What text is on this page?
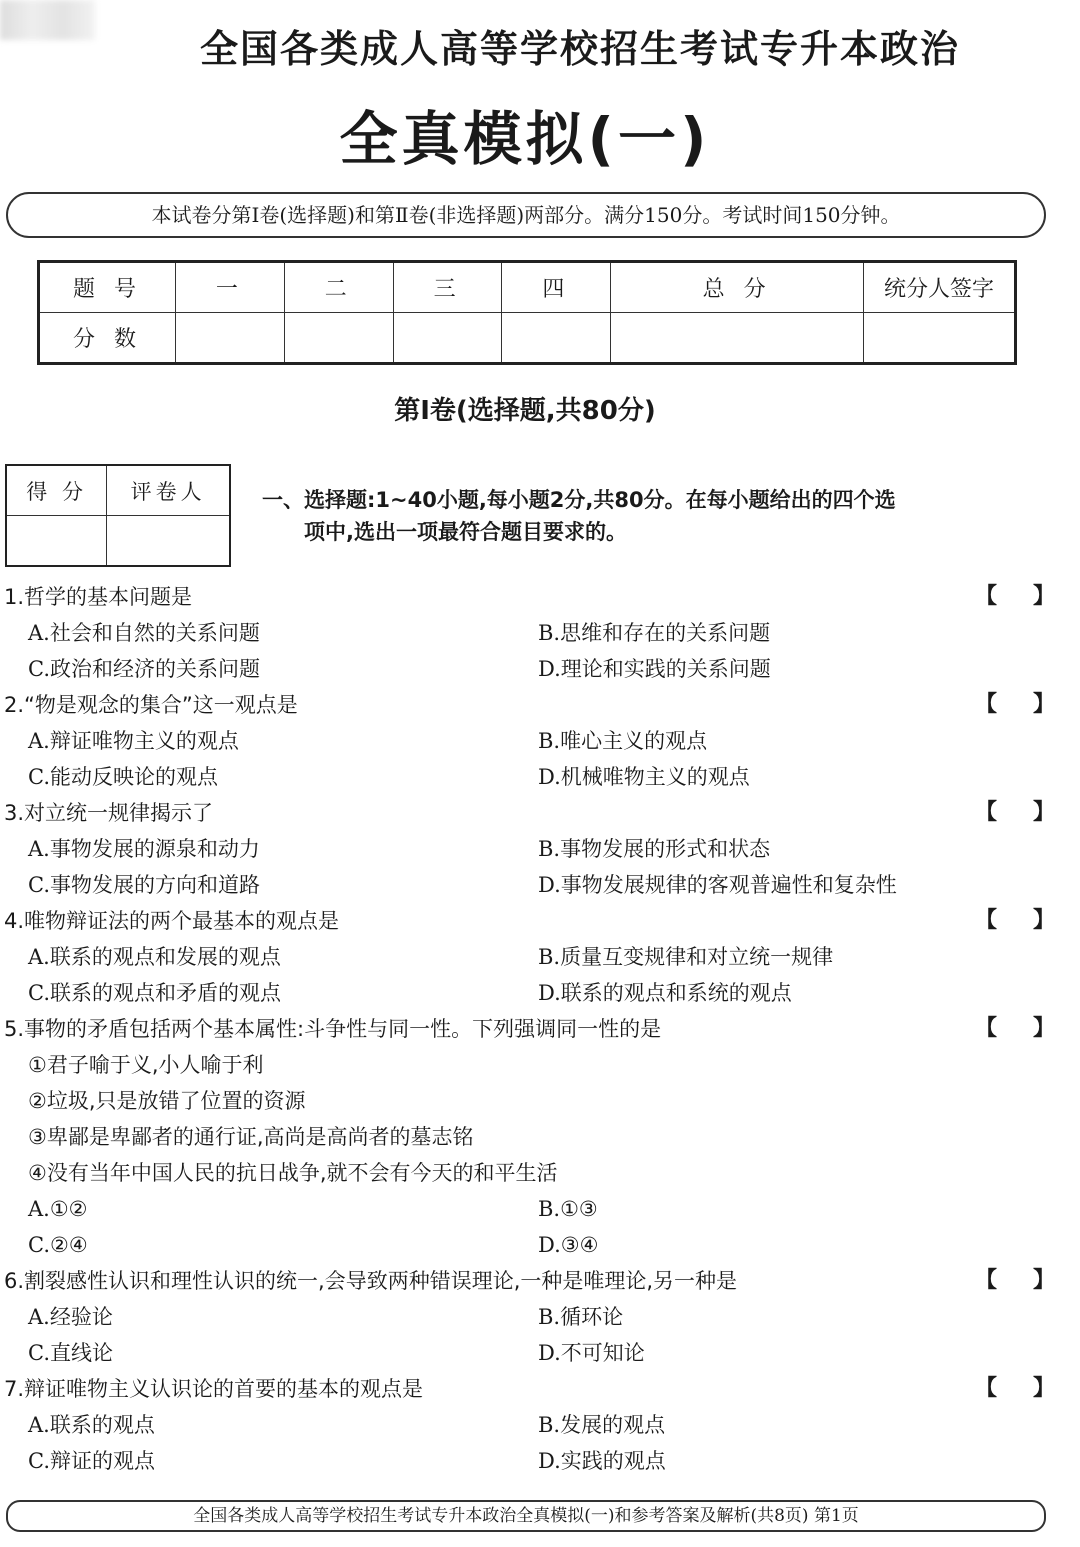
全国各类成人高等学校招生考试专升本政治
全真模拟(一)
本试卷分第Ⅰ卷(选择题)和第Ⅱ卷(非选择题)两部分。满分150分。考试时间150分钟。
题 号	一	二	三	四	总 分	统分人签字
分 数						
第Ⅰ卷(选择题,共80分)
得 分	评卷人
		一、选择题:1~40小题,每小题2分,共80分。在每小题给出的四个选
项中,选出一项最符合题目要求的。
1.哲学的基本问题是	【 】
A.社会和自然的关系问题	B.思维和存在的关系问题
C.政治和经济的关系问题	D.理论和实践的关系问题
2.“物是观念的集合”这一观点是	【 】
A.辩证唯物主义的观点	B.唯心主义的观点
C.能动反映论的观点	D.机械唯物主义的观点
3.对立统一规律揭示了	【 】
A.事物发展的源泉和动力	B.事物发展的形式和状态
C.事物发展的方向和道路	D.事物发展规律的客观普遍性和复杂性
4.唯物辩证法的两个最基本的观点是	【 】
A.联系的观点和发展的观点	B.质量互变规律和对立统一规律
C.联系的观点和矛盾的观点	D.联系的观点和系统的观点
5.事物的矛盾包括两个基本属性:斗争性与同一性。下列强调同一性的是	【 】
①君子喻于义,小人喻于利
②垃圾,只是放错了位置的资源
③卑鄙是卑鄙者的通行证,高尚是高尚者的墓志铭
④没有当年中国人民的抗日战争,就不会有今天的和平生活
A.①②	B.①③
C.②④	D.③④
6.割裂感性认识和理性认识的统一,会导致两种错误理论,一种是唯理论,另一种是	【 】
A.经验论	B.循环论
C.直线论	D.不可知论
7.辩证唯物主义认识论的首要的基本的观点是	【 】
A.联系的观点	B.发展的观点
C.辩证的观点	D.实践的观点
全国各类成人高等学校招生考试专升本政治全真模拟(一)和参考答案及解析(共8页) 第1页
